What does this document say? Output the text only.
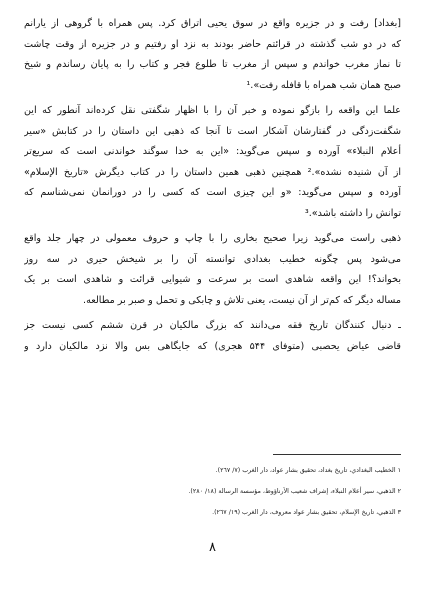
[بغداد] رفت و در جزیره واقع در سوق یحیی اتراق کرد. پس همراه با گروهی از یارانم
که در دو شب گذشته در قرائتم حاضر بودند به نزد او رفتیم و در جزیره از وقت چاشت
تا نماز مغرب خواندم و سپس از مغرب تا طلوع فجر و کتاب را به پایان رساندم و شیخ
صبح همان شب همراه با قافله رفت».¹

علما این واقعه را بازگو نموده و خبر آن را با اظهار شگفتی نقل کرده‌اند آنطور که این
شگفت‌زدگی در گفتارشان آشکار است تا آنجا که ذهبی این داستان را در کتابش «سیر
أعلام النبلاء» آورده و سپس می‌گوید: «این به خدا سوگند خواندنی است که سریع‌تر
از آن شنیده نشده».² همچنین ذهبی همین داستان را در کتاب دیگرش «تاریخ الإسلام»
آورده و سپس می‌گوید: «و این چیزی است که کسی را در دورانمان نمی‌شناسم که
توانش را داشته باشد».³

ذهبی راست می‌گوید زیرا صحیح بخاری را با چاپ و حروف معمولی در چهار جلد واقع
می‌شود پس چگونه خطیب بغدادی توانسته آن را بر شیخش حیری در سه روز
بخواند؟! این واقعه شاهدی است بر سرعت و شیوایی قرائت و شاهدی است بر یک
مساله دیگر که کم‌تر از آن نیست، یعنی تلاش و چابکی و تحمل و صبر بر مطالعه.

ـ دنبال کنندگان تاریخ فقه می‌دانند که بزرگ مالکیان در قرن ششم کسی نیست جز
قاضی عیاض یحصبی (متوفای ۵۴۴ هجری) که جایگاهی بس والا نزد مالکیان دارد و

١ الخطيب البغدادي، تاريخ بغداد، تحقيق بشار عواد، دار الغرب (٧/ ٢٦٧).
٢ الذهبي، سير أعلام النبلاء، إشراف شعيب الأرناؤوط، مؤسسة الرسالة (١٨/ ٢٨٠).
٣ الذهبي، تاريخ الإسلام، تحقيق بشار عواد معروف، دار الغرب (١٩/ ٢٦٧).
۸
